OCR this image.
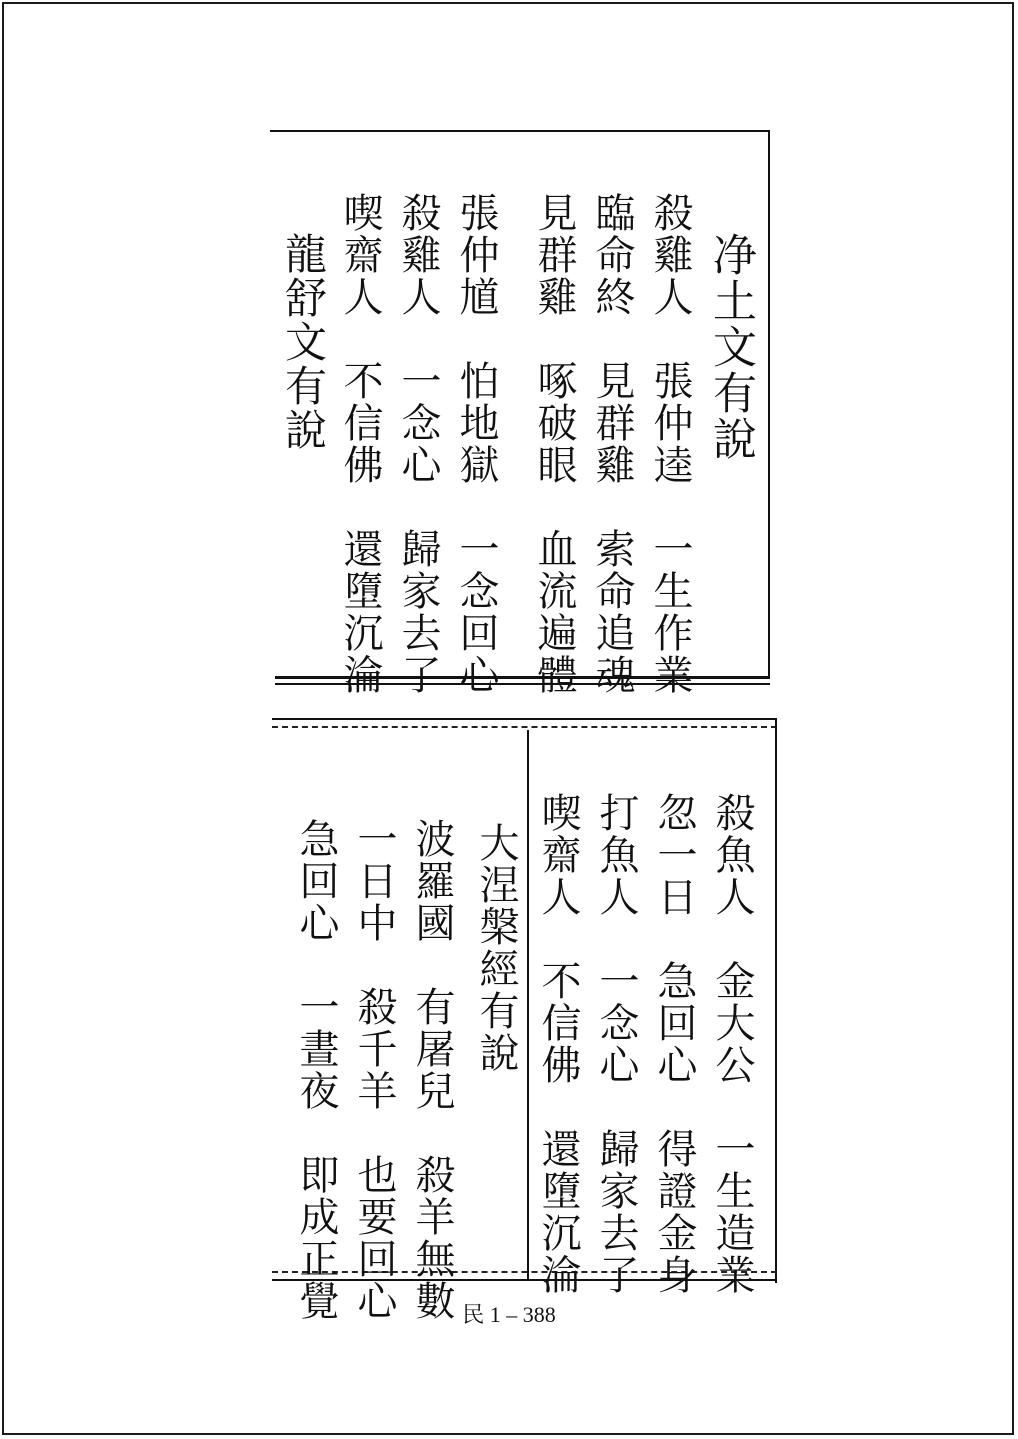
净土文有說
殺雞人　張仲逵　一生作業
臨命終　見群雞　索命追魂
見群雞　啄破眼　血流遍體
張仲馗　怕地獄　一念回心
殺雞人　一念心　歸家去了
喫齋人　不信佛　還墮沉淪
龍舒文有說
殺魚人　金大公　一生造業
忽一日　急回心　得證金身
打魚人　一念心　歸家去了
喫齋人　不信佛　還墮沉淪
大涅槃經有說
波羅國　有屠兒　殺羊無數
一日中　殺千羊　也要回心
急回心　一晝夜　即成正覺	民 1 – 388
